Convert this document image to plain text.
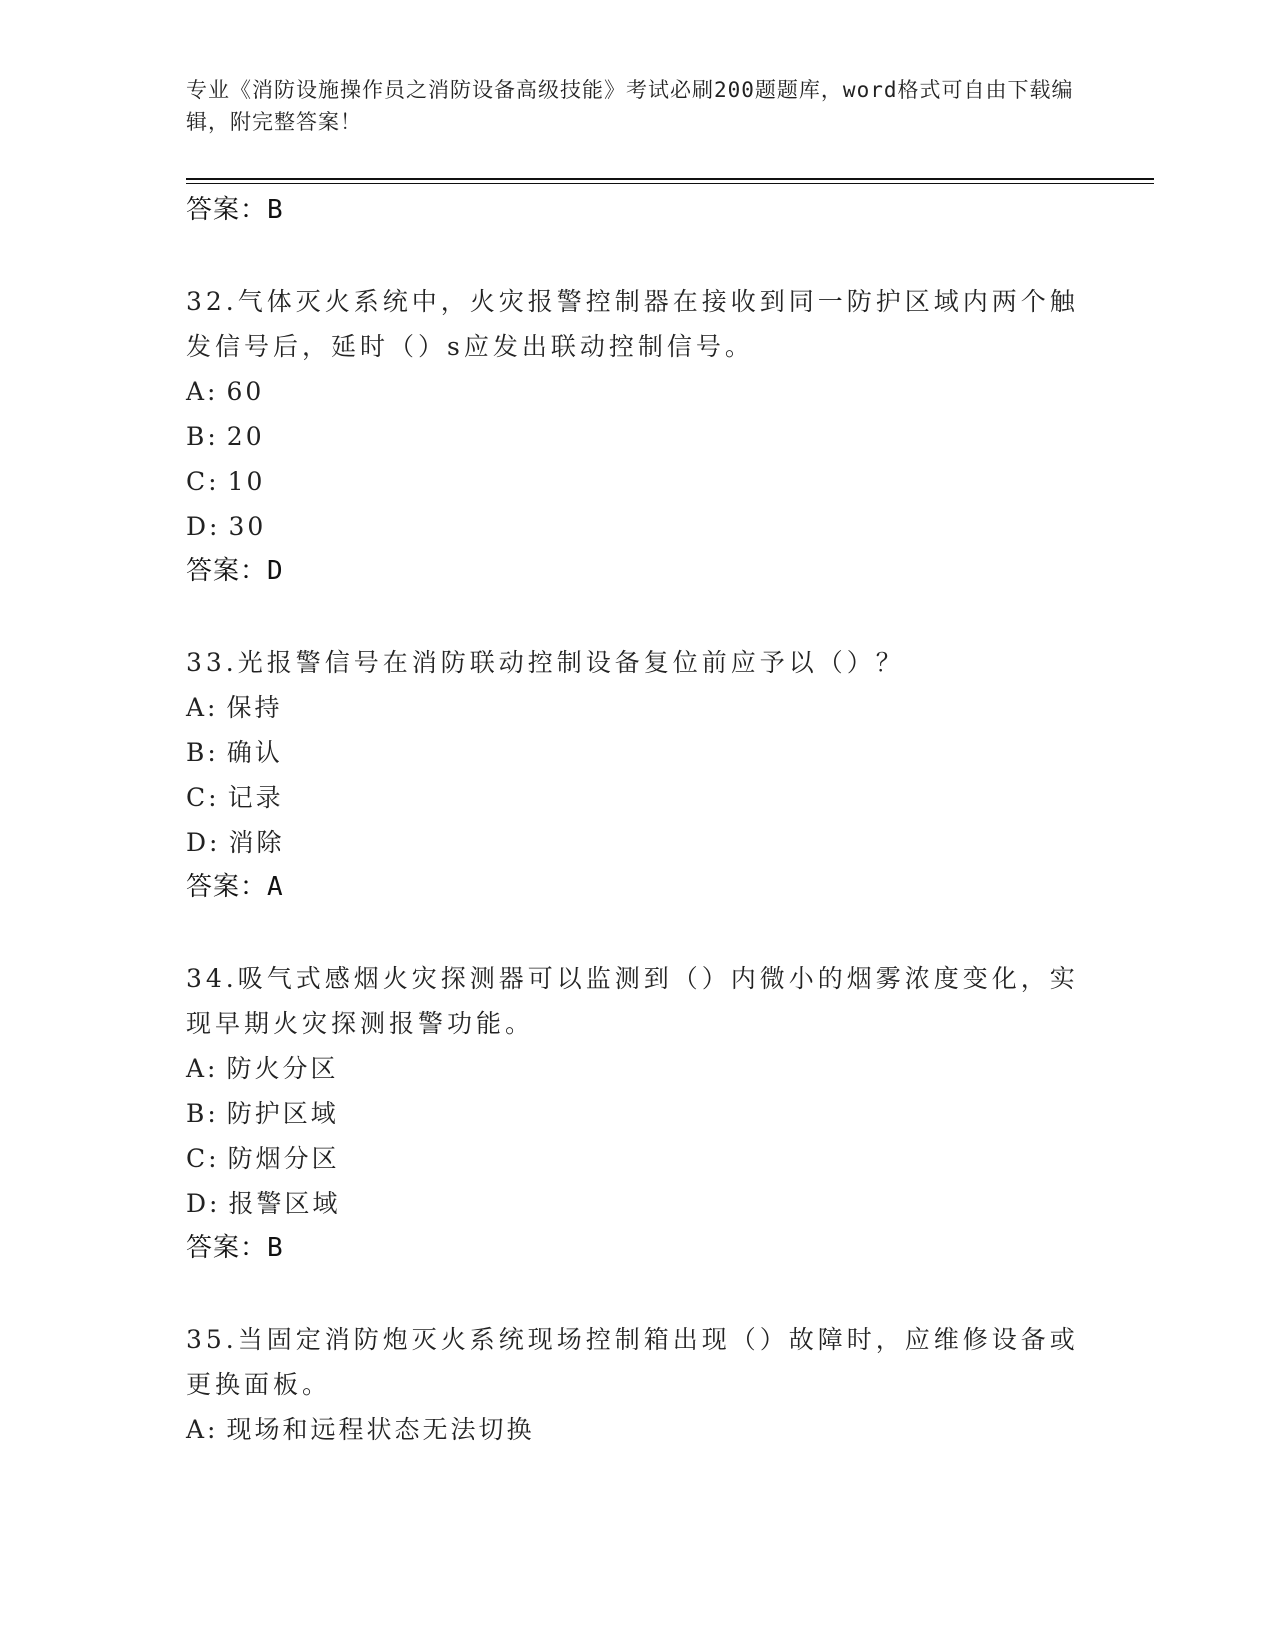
专业《消防设施操作员之消防设备高级技能》考试必刷200题题库，word格式可自由下载编辑，附完整答案！

答案：B

32.气体灭火系统中，火灾报警控制器在接收到同一防护区域内两个触发信号后，延时（）s应发出联动控制信号。

A: 60

B: 20

C: 10

D: 30

答案：D

33.光报警信号在消防联动控制设备复位前应予以（）？

A: 保持

B: 确认

C: 记录

D: 消除

答案：A

34.吸气式感烟火灾探测器可以监测到（）内微小的烟雾浓度变化，实现早期火灾探测报警功能。

A: 防火分区

B: 防护区域

C: 防烟分区

D: 报警区域

答案：B

35.当固定消防炮灭火系统现场控制箱出现（）故障时，应维修设备或更换面板。

A: 现场和远程状态无法切换
